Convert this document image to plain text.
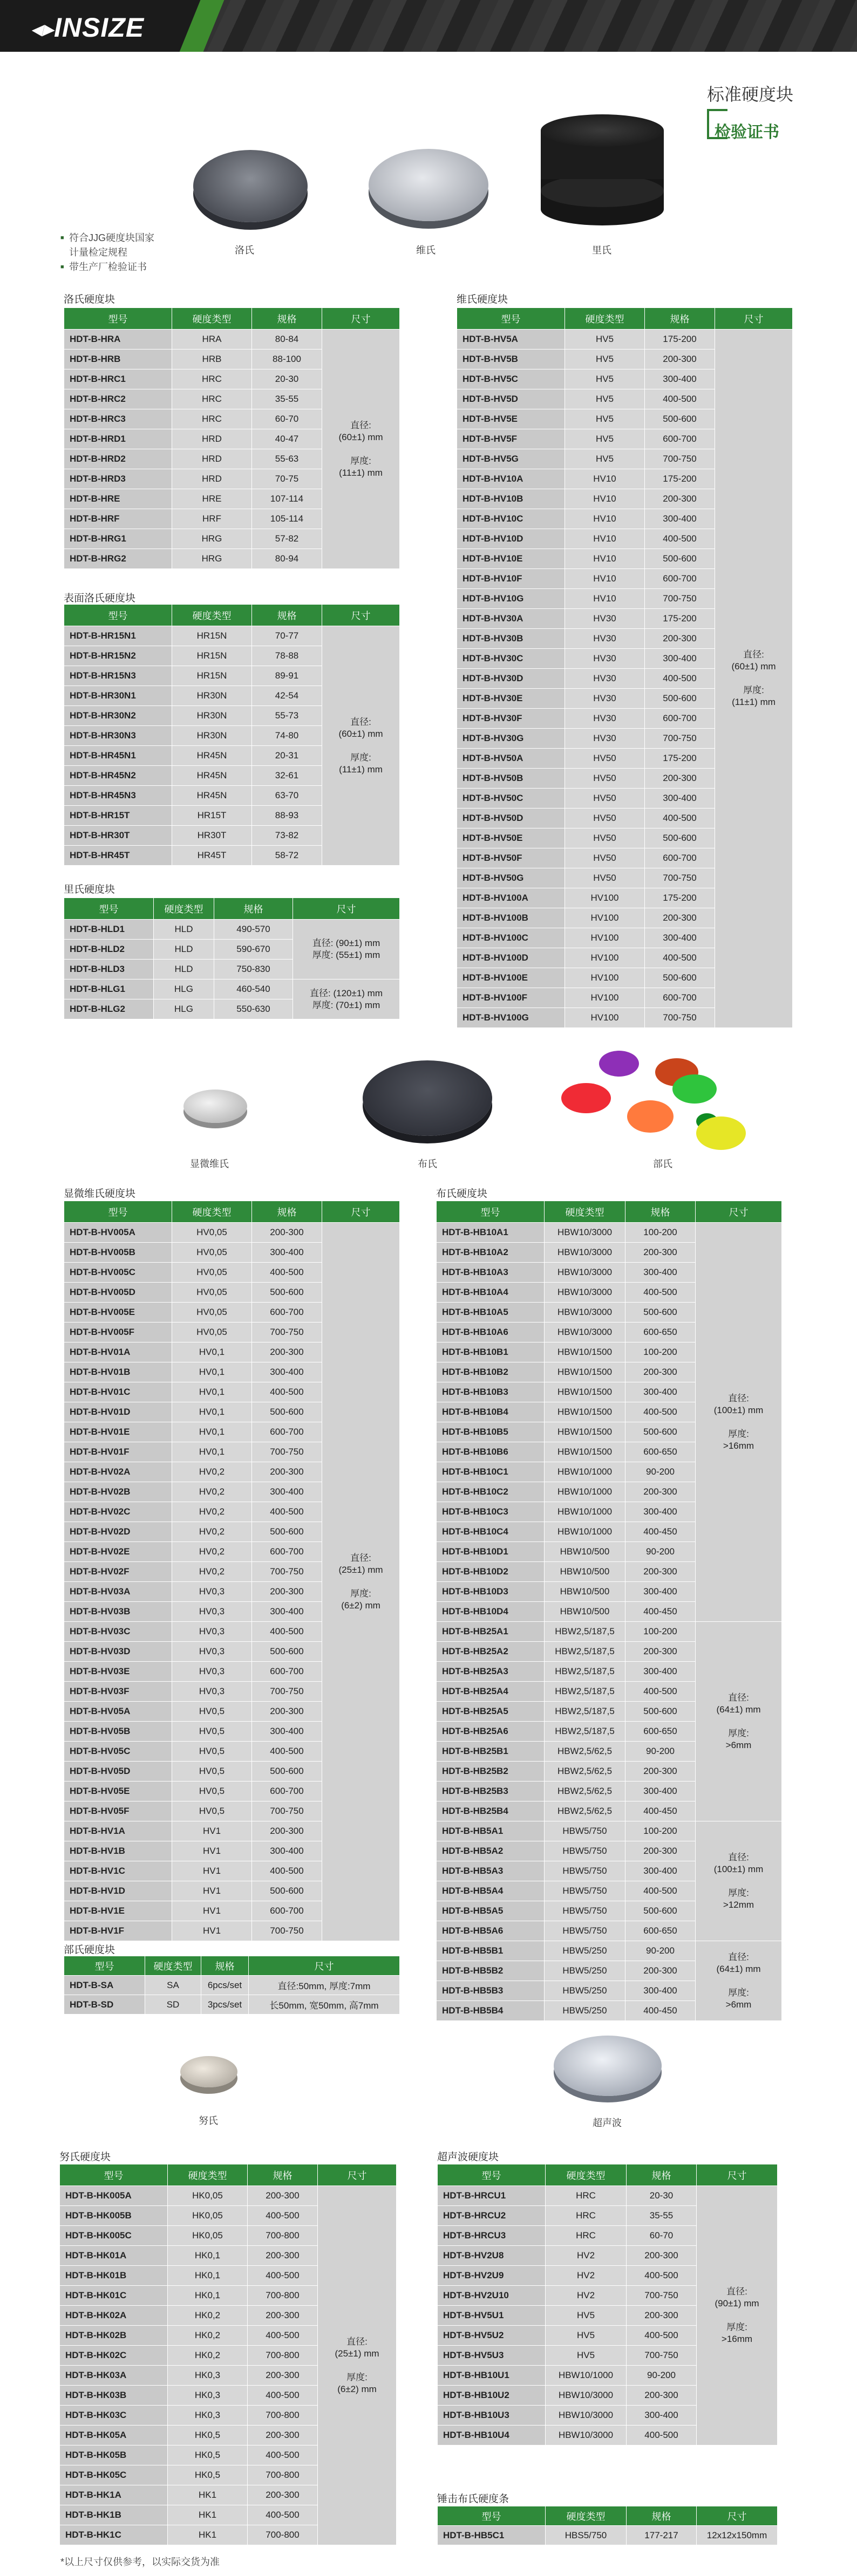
◀▶INSIZE
标准硬度块
检验证书
■ 符合JJG硬度块国家
计量检定规程
■ 带生产厂检验证书
洛氏	维氏	里氏
显微维氏	布氏	部氏
努氏	超声波
洛氏硬度块
表面洛氏硬度块
里氏硬度块
维氏硬度块
显微维氏硬度块
部氏硬度块
布氏硬度块
努氏硬度块	超声波硬度块
锤击布氏硬度条
型号	硬度类型	规格	尺寸
HDT-B-HRA	HRA	80-84	直径:
(60±1) mm

厚度:
(11±1) mm
HDT-B-HRB	HRB	88-100	
HDT-B-HRC1	HRC	20-30	
HDT-B-HRC2	HRC	35-55	
HDT-B-HRC3	HRC	60-70	
HDT-B-HRD1	HRD	40-47	
HDT-B-HRD2	HRD	55-63	
HDT-B-HRD3	HRD	70-75	
HDT-B-HRE	HRE	107-114	
HDT-B-HRF	HRF	105-114	
HDT-B-HRG1	HRG	57-82	
HDT-B-HRG2	HRG	80-94	
型号	硬度类型	规格	尺寸
HDT-B-HR15N1	HR15N	70-77	直径:
(60±1) mm

厚度:
(11±1) mm
HDT-B-HR15N2	HR15N	78-88	
HDT-B-HR15N3	HR15N	89-91	
HDT-B-HR30N1	HR30N	42-54	
HDT-B-HR30N2	HR30N	55-73	
HDT-B-HR30N3	HR30N	74-80	
HDT-B-HR45N1	HR45N	20-31	
HDT-B-HR45N2	HR45N	32-61	
HDT-B-HR45N3	HR45N	63-70	
HDT-B-HR15T	HR15T	88-93	
HDT-B-HR30T	HR30T	73-82	
HDT-B-HR45T	HR45T	58-72	
型号	硬度类型	规格	尺寸
HDT-B-HLD1	HLD	490-570	直径: (90±1) mm
厚度: (55±1) mm
HDT-B-HLD2	HLD	590-670	
HDT-B-HLD3	HLD	750-830	
HDT-B-HLG1	HLG	460-540	直径: (120±1) mm
厚度: (70±1) mm
HDT-B-HLG2	HLG	550-630	
型号	硬度类型	规格	尺寸
HDT-B-HV5A	HV5	175-200	直径:
(60±1) mm

厚度:
(11±1) mm
HDT-B-HV5B	HV5	200-300	
HDT-B-HV5C	HV5	300-400	
HDT-B-HV5D	HV5	400-500	
HDT-B-HV5E	HV5	500-600	
HDT-B-HV5F	HV5	600-700	
HDT-B-HV5G	HV5	700-750	
HDT-B-HV10A	HV10	175-200	
HDT-B-HV10B	HV10	200-300	
HDT-B-HV10C	HV10	300-400	
HDT-B-HV10D	HV10	400-500	
HDT-B-HV10E	HV10	500-600	
HDT-B-HV10F	HV10	600-700	
HDT-B-HV10G	HV10	700-750	
HDT-B-HV30A	HV30	175-200	
HDT-B-HV30B	HV30	200-300	
HDT-B-HV30C	HV30	300-400	
HDT-B-HV30D	HV30	400-500	
HDT-B-HV30E	HV30	500-600	
HDT-B-HV30F	HV30	600-700	
HDT-B-HV30G	HV30	700-750	
HDT-B-HV50A	HV50	175-200	
HDT-B-HV50B	HV50	200-300	
HDT-B-HV50C	HV50	300-400	
HDT-B-HV50D	HV50	400-500	
HDT-B-HV50E	HV50	500-600	
HDT-B-HV50F	HV50	600-700	
HDT-B-HV50G	HV50	700-750	
HDT-B-HV100A	HV100	175-200	
HDT-B-HV100B	HV100	200-300	
HDT-B-HV100C	HV100	300-400	
HDT-B-HV100D	HV100	400-500	
HDT-B-HV100E	HV100	500-600	
HDT-B-HV100F	HV100	600-700	
HDT-B-HV100G	HV100	700-750	
型号	硬度类型	规格	尺寸
HDT-B-HV005A	HV0,05	200-300	直径:
(25±1) mm

厚度:
(6±2) mm
HDT-B-HV005B	HV0,05	300-400	
HDT-B-HV005C	HV0,05	400-500	
HDT-B-HV005D	HV0,05	500-600	
HDT-B-HV005E	HV0,05	600-700	
HDT-B-HV005F	HV0,05	700-750	
HDT-B-HV01A	HV0,1	200-300	
HDT-B-HV01B	HV0,1	300-400	
HDT-B-HV01C	HV0,1	400-500	
HDT-B-HV01D	HV0,1	500-600	
HDT-B-HV01E	HV0,1	600-700	
HDT-B-HV01F	HV0,1	700-750	
HDT-B-HV02A	HV0,2	200-300	
HDT-B-HV02B	HV0,2	300-400	
HDT-B-HV02C	HV0,2	400-500	
HDT-B-HV02D	HV0,2	500-600	
HDT-B-HV02E	HV0,2	600-700	
HDT-B-HV02F	HV0,2	700-750	
HDT-B-HV03A	HV0,3	200-300	
HDT-B-HV03B	HV0,3	300-400	
HDT-B-HV03C	HV0,3	400-500	
HDT-B-HV03D	HV0,3	500-600	
HDT-B-HV03E	HV0,3	600-700	
HDT-B-HV03F	HV0,3	700-750	
HDT-B-HV05A	HV0,5	200-300	
HDT-B-HV05B	HV0,5	300-400	
HDT-B-HV05C	HV0,5	400-500	
HDT-B-HV05D	HV0,5	500-600	
HDT-B-HV05E	HV0,5	600-700	
HDT-B-HV05F	HV0,5	700-750	
HDT-B-HV1A	HV1	200-300	
HDT-B-HV1B	HV1	300-400	
HDT-B-HV1C	HV1	400-500	
HDT-B-HV1D	HV1	500-600	
HDT-B-HV1E	HV1	600-700	
HDT-B-HV1F	HV1	700-750	
型号	硬度类型	规格	尺寸
HDT-B-SA	SA	6pcs/set	直径:50mm, 厚度:7mm
HDT-B-SD	SD	3pcs/set	长50mm, 宽50mm, 高7mm
型号	硬度类型	规格	尺寸
HDT-B-HB10A1	HBW10/3000	100-200	直径:
(100±1) mm

厚度:
>16mm
HDT-B-HB10A2	HBW10/3000	200-300	
HDT-B-HB10A3	HBW10/3000	300-400	
HDT-B-HB10A4	HBW10/3000	400-500	
HDT-B-HB10A5	HBW10/3000	500-600	
HDT-B-HB10A6	HBW10/3000	600-650	
HDT-B-HB10B1	HBW10/1500	100-200	
HDT-B-HB10B2	HBW10/1500	200-300	
HDT-B-HB10B3	HBW10/1500	300-400	
HDT-B-HB10B4	HBW10/1500	400-500	
HDT-B-HB10B5	HBW10/1500	500-600	
HDT-B-HB10B6	HBW10/1500	600-650	
HDT-B-HB10C1	HBW10/1000	90-200	
HDT-B-HB10C2	HBW10/1000	200-300	
HDT-B-HB10C3	HBW10/1000	300-400	
HDT-B-HB10C4	HBW10/1000	400-450	
HDT-B-HB10D1	HBW10/500	90-200	
HDT-B-HB10D2	HBW10/500	200-300	
HDT-B-HB10D3	HBW10/500	300-400	
HDT-B-HB10D4	HBW10/500	400-450	
HDT-B-HB25A1	HBW2,5/187,5	100-200	直径:
(64±1) mm

厚度:
>6mm
HDT-B-HB25A2	HBW2,5/187,5	200-300	
HDT-B-HB25A3	HBW2,5/187,5	300-400	
HDT-B-HB25A4	HBW2,5/187,5	400-500	
HDT-B-HB25A5	HBW2,5/187,5	500-600	
HDT-B-HB25A6	HBW2,5/187,5	600-650	
HDT-B-HB25B1	HBW2,5/62,5	90-200	
HDT-B-HB25B2	HBW2,5/62,5	200-300	
HDT-B-HB25B3	HBW2,5/62,5	300-400	
HDT-B-HB25B4	HBW2,5/62,5	400-450	
HDT-B-HB5A1	HBW5/750	100-200	直径:
(100±1) mm

厚度:
>12mm
HDT-B-HB5A2	HBW5/750	200-300	
HDT-B-HB5A3	HBW5/750	300-400	
HDT-B-HB5A4	HBW5/750	400-500	
HDT-B-HB5A5	HBW5/750	500-600	
HDT-B-HB5A6	HBW5/750	600-650	
HDT-B-HB5B1	HBW5/250	90-200	直径:
(64±1) mm

厚度:
>6mm
HDT-B-HB5B2	HBW5/250	200-300	
HDT-B-HB5B3	HBW5/250	300-400	
HDT-B-HB5B4	HBW5/250	400-450	
型号	硬度类型	规格	尺寸
HDT-B-HK005A	HK0,05	200-300	直径:
(25±1) mm

厚度:
(6±2) mm
HDT-B-HK005B	HK0,05	400-500	
HDT-B-HK005C	HK0,05	700-800	
HDT-B-HK01A	HK0,1	200-300	
HDT-B-HK01B	HK0,1	400-500	
HDT-B-HK01C	HK0,1	700-800	
HDT-B-HK02A	HK0,2	200-300	
HDT-B-HK02B	HK0,2	400-500	
HDT-B-HK02C	HK0,2	700-800	
HDT-B-HK03A	HK0,3	200-300	
HDT-B-HK03B	HK0,3	400-500	
HDT-B-HK03C	HK0,3	700-800	
HDT-B-HK05A	HK0,5	200-300	
HDT-B-HK05B	HK0,5	400-500	
HDT-B-HK05C	HK0,5	700-800	
HDT-B-HK1A	HK1	200-300	
HDT-B-HK1B	HK1	400-500	
HDT-B-HK1C	HK1	700-800	
型号	硬度类型	规格	尺寸
HDT-B-HRCU1	HRC	20-30	直径:
(90±1) mm

厚度:
>16mm
HDT-B-HRCU2	HRC	35-55	
HDT-B-HRCU3	HRC	60-70	
HDT-B-HV2U8	HV2	200-300	
HDT-B-HV2U9	HV2	400-500	
HDT-B-HV2U10	HV2	700-750	
HDT-B-HV5U1	HV5	200-300	
HDT-B-HV5U2	HV5	400-500	
HDT-B-HV5U3	HV5	700-750	
HDT-B-HB10U1	HBW10/1000	90-200	
HDT-B-HB10U2	HBW10/3000	200-300	
HDT-B-HB10U3	HBW10/3000	300-400	
HDT-B-HB10U4	HBW10/3000	400-500	
型号	硬度类型	规格	尺寸
HDT-B-HB5C1	HBS5/750	177-217	12x12x150mm
*以上尺寸仅供参考，以实际交货为准
